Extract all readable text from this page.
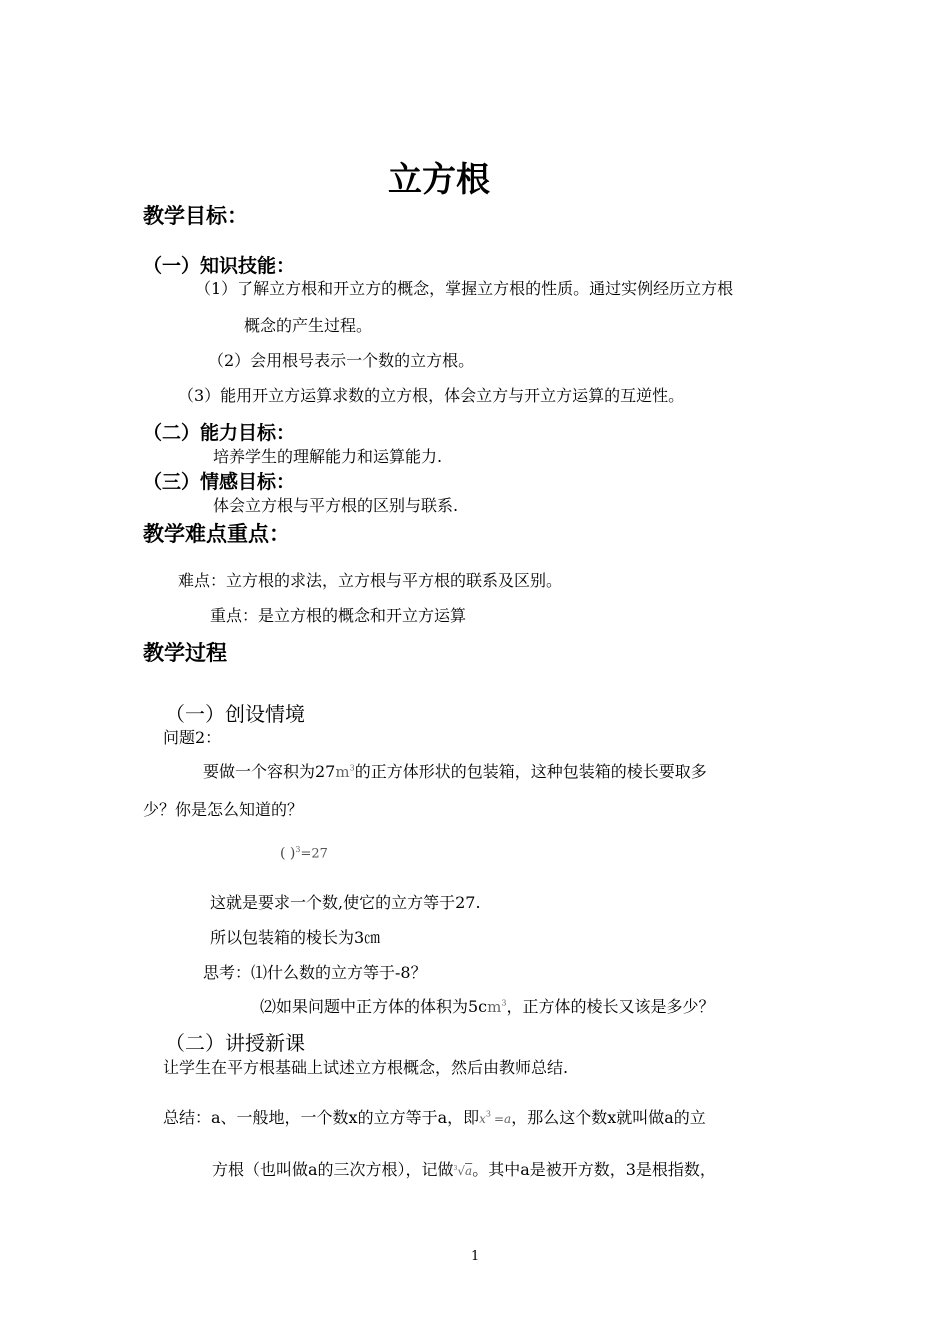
立方根
教学目标：
（一）知识技能：
（1）了解立方根和开立方的概念，掌握立方根的性质。通过实例经历立方根
概念的产生过程。
（2）会用根号表示一个数的立方根。
（3）能用开立方运算求数的立方根，体会立方与开立方运算的互逆性。
（二）能力目标：
培养学生的理解能力和运算能力.
（三）情感目标：
体会立方根与平方根的区别与联系.
教学难点重点：
难点：立方根的求法，立方根与平方根的联系及区别。
重点：是立方根的概念和开立方运算
教学过程
（一）创设情境
问题2：
要做一个容积为$27m^3$的正方体形状的包装箱，这种包装箱的棱长要取多
少？你是怎么知道的？
( )$^3$=27
这就是要求一个数,使它的立方等于27.
所以包装箱的棱长为3㎝
思考：⑴什么数的立方等于-8？
⑵如果问题中正方体的体积为$5cm^3$，正方体的棱长又该是多少？
（二）讲授新课
让学生在平方根基础上试述立方根概念，然后由教师总结.
总结：a、一般地，一个数x的立方等于a，即$x^3 =a$，那么这个数x就叫做a的立
方根（也叫做a的三次方根），记做$^3$√a。其中a是被开方数，3是根指数，
1
